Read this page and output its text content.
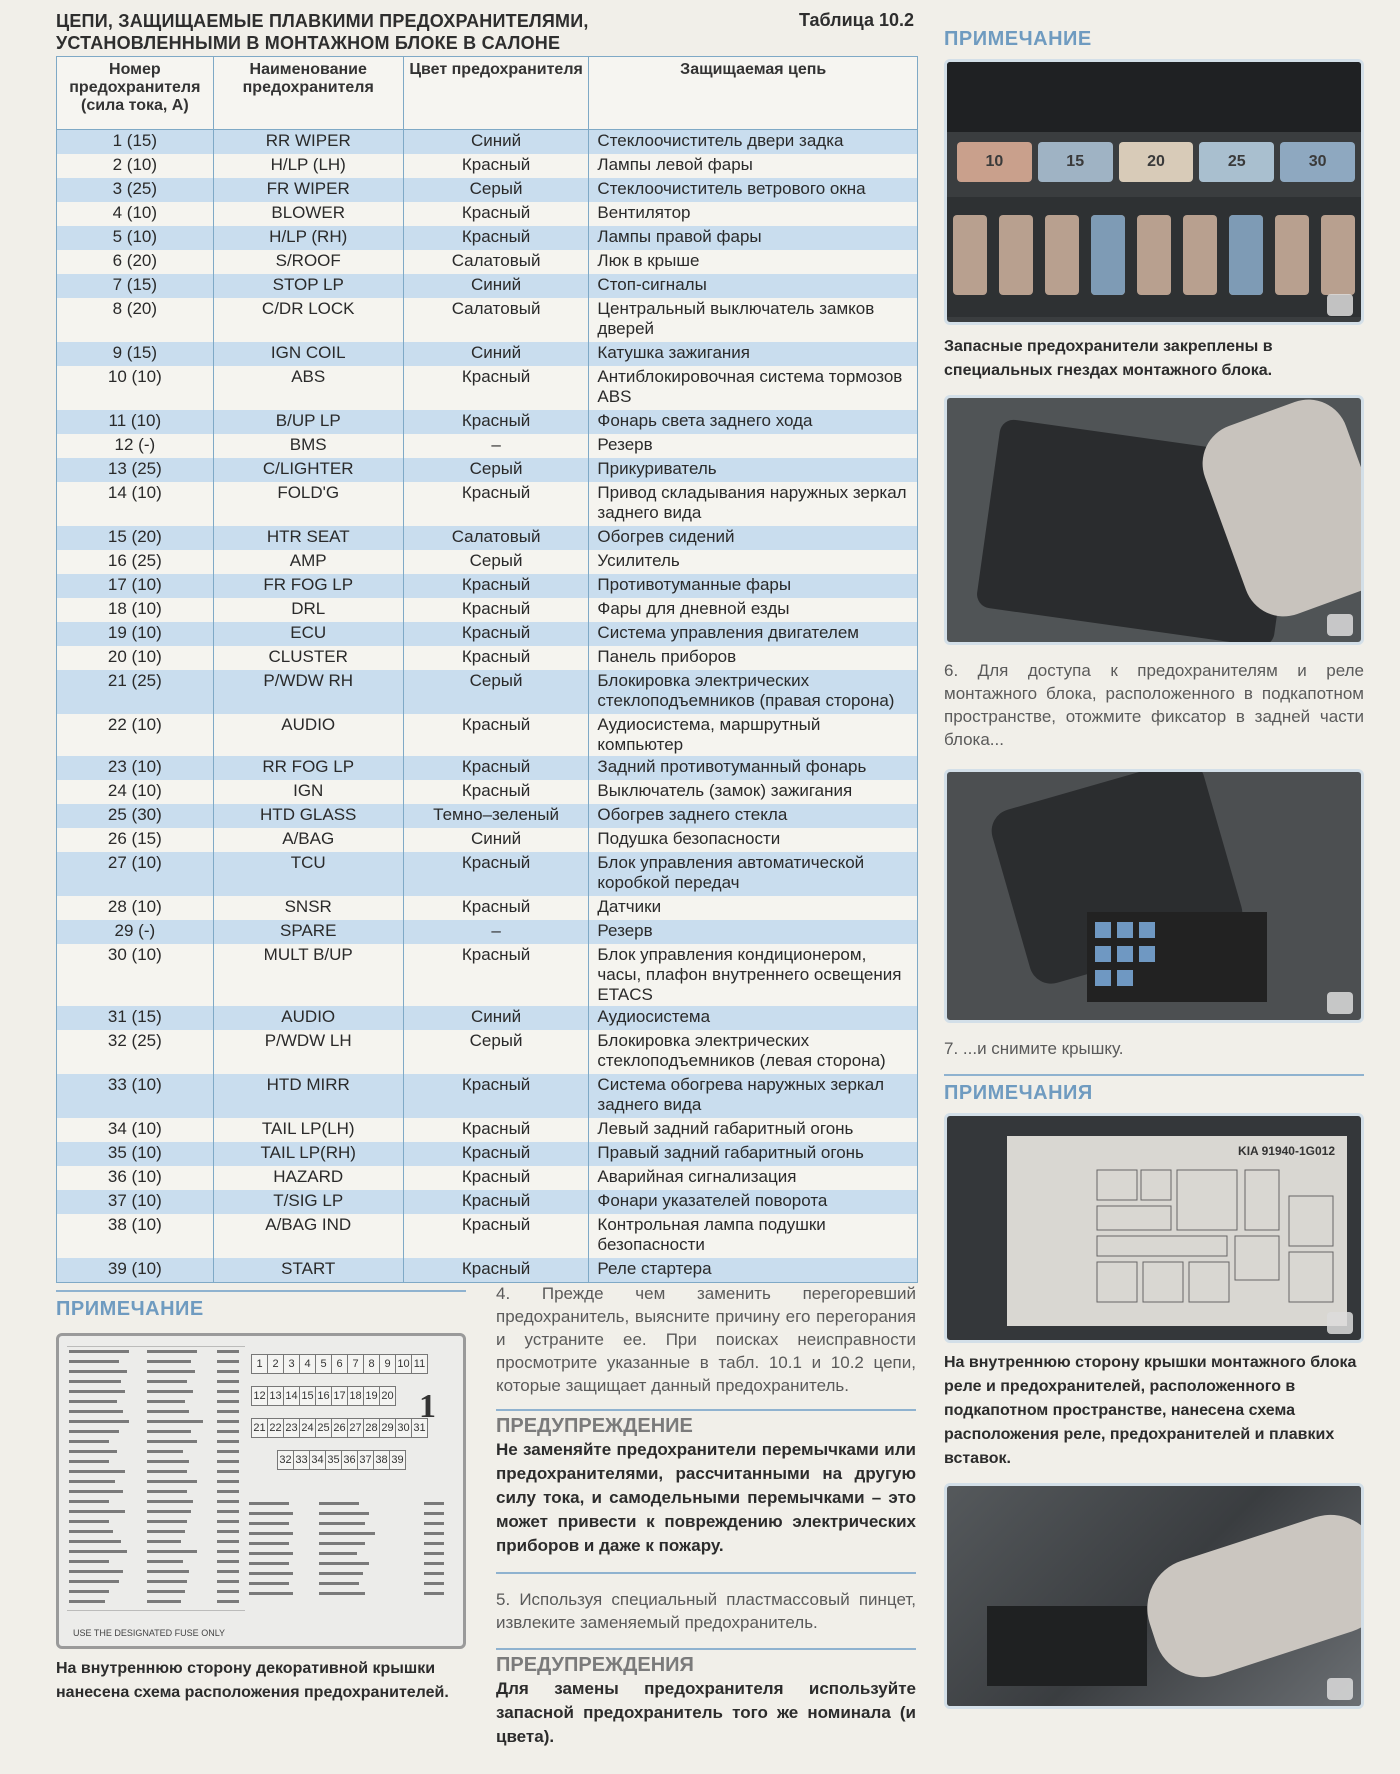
ЦЕПИ, ЗАЩИЩАЕМЫЕ ПЛАВКИМИ ПРЕДОХРАНИТЕЛЯМИ,
УСТАНОВЛЕННЫМИ В МОНТАЖНОМ БЛОКЕ В САЛОНЕ
Таблица 10.2
Номер предохранителя (сила тока, А)	Наименование предохранителя	Цвет предохранителя	Защищаемая цепь
1 (15)	RR WIPER	Синий	Стеклоочиститель двери задка
2 (10)	H/LP (LH)	Красный	Лампы левой фары
3 (25)	FR WIPER	Серый	Стеклоочиститель ветрового окна
4 (10)	BLOWER	Красный	Вентилятор
5 (10)	H/LP (RH)	Красный	Лампы правой фары
6 (20)	S/ROOF	Салатовый	Люк в крыше
7 (15)	STOP LP	Синий	Стоп-сигналы
8 (20)	C/DR LOCK	Салатовый	Центральный выключатель замков дверей
9 (15)	IGN COIL	Синий	Катушка зажигания
10 (10)	ABS	Красный	Антиблокировочная система тормозов ABS
11 (10)	B/UP LP	Красный	Фонарь света заднего хода
12 (-)	BMS	–	Резерв
13 (25)	C/LIGHTER	Серый	Прикуриватель
14 (10)	FOLD'G	Красный	Привод складывания наружных зеркал заднего вида
15 (20)	HTR SEAT	Салатовый	Обогрев сидений
16 (25)	AMP	Серый	Усилитель
17 (10)	FR FOG LP	Красный	Противотуманные фары
18 (10)	DRL	Красный	Фары для дневной езды
19 (10)	ECU	Красный	Система управления двигателем
20 (10)	CLUSTER	Красный	Панель приборов
21 (25)	P/WDW RH	Серый	Блокировка электрических стеклоподъемников (правая сторона)
22 (10)	AUDIO	Красный	Аудиосистема, маршрутный компьютер
23 (10)	RR FOG LP	Красный	Задний противотуманный фонарь
24 (10)	IGN	Красный	Выключатель (замок) зажигания
25 (30)	HTD GLASS	Темно–зеленый	Обогрев заднего стекла
26 (15)	A/BAG	Синий	Подушка безопасности
27 (10)	TCU	Красный	Блок управления автоматической коробкой передач
28 (10)	SNSR	Красный	Датчики
29 (-)	SPARE	–	Резерв
30 (10)	MULT B/UP	Красный	Блок управления кондиционером, часы, плафон внутреннего освещения ETACS
31 (15)	AUDIO	Синий	Аудиосистема
32 (25)	P/WDW LH	Серый	Блокировка электрических стеклоподъемников (левая сторона)
33 (10)	HTD MIRR	Красный	Система обогрева наружных зеркал заднего вида
34 (10)	TAIL LP(LH)	Красный	Левый задний габаритный огонь
35 (10)	TAIL LP(RH)	Красный	Правый задний габаритный огонь
36 (10)	HAZARD	Красный	Аварийная сигнализация
37 (10)	T/SIG LP	Красный	Фонари указателей поворота
38 (10)	A/BAG IND	Красный	Контрольная лампа подушки безопасности
39 (10)	START	Красный	Реле стартера
ПРИМЕЧАНИЕ
1 2 3 4 5 6 7 8 9 10 11
12 13 14 15 16 17 18 19 20
21 22 23 24 25 26 27 28 29 30 31
32 33 34 35 36 37 38 39
1
USE THE DESIGNATED FUSE ONLY
На внутреннюю сторону декоративной крышки нанесена схема расположения предохранителей.
4. Прежде чем заменить перегоревший предохранитель, выясните причину его перегорания и устраните ее. При поисках неисправности просмотрите указанные в табл. 10.1 и 10.2 цепи, которые защищает данный предохранитель.
ПРЕДУПРЕЖДЕНИЕ
Не заменяйте предохранители перемычками или предохранителями, рассчитанными на другую силу тока, и самодельными перемычками – это может привести к повреждению электрических приборов и даже к пожару.
5. Используя специальный пластмассовый пинцет, извлеките заменяемый предохранитель.
ПРЕДУПРЕЖДЕНИЯ
Для замены предохранителя используйте запасной предохранитель того же номинала (и цвета).
ПРИМЕЧАНИЕ
10	15	20	25	30
Запасные предохранители закреплены в специальных гнездах монтажного блока.
6. Для доступа к предохранителям и реле монтажного блока, расположенного в подкапотном пространстве, отожмите фиксатор в задней части блока...
7. ...и снимите крышку.
ПРИМЕЧАНИЯ
KIA 91940-1G012
На внутреннюю сторону крышки монтажного блока реле и предохранителей, расположенного в подкапотном пространстве, нанесена схема расположения реле, предохранителей и плавких вставок.
